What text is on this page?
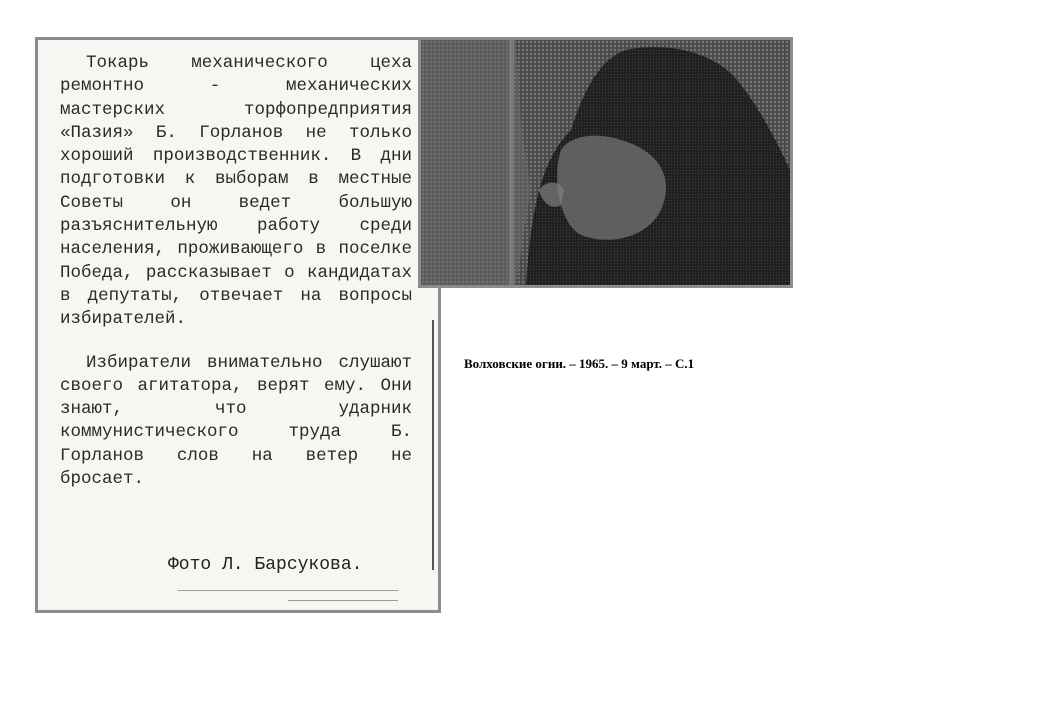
Токарь механического цеха ремонтно - механических мастерских торфопредприятия «Пазия» Б. Горланов не только хороший производственник. В дни подготовки к выборам в местные Советы он ведет большую разъяснительную работу среди населения, проживающего в поселке Победа, рассказывает о кандидатах в депутаты, отвечает на вопросы избирателей.

Избиратели внимательно слушают своего агитатора, верят ему. Они знают, что ударник коммунистического труда Б. Горланов слов на ветер не бросает.

Фото Л. Барсукова.
Волховские огни. – 1965. – 9 март. – С.1
